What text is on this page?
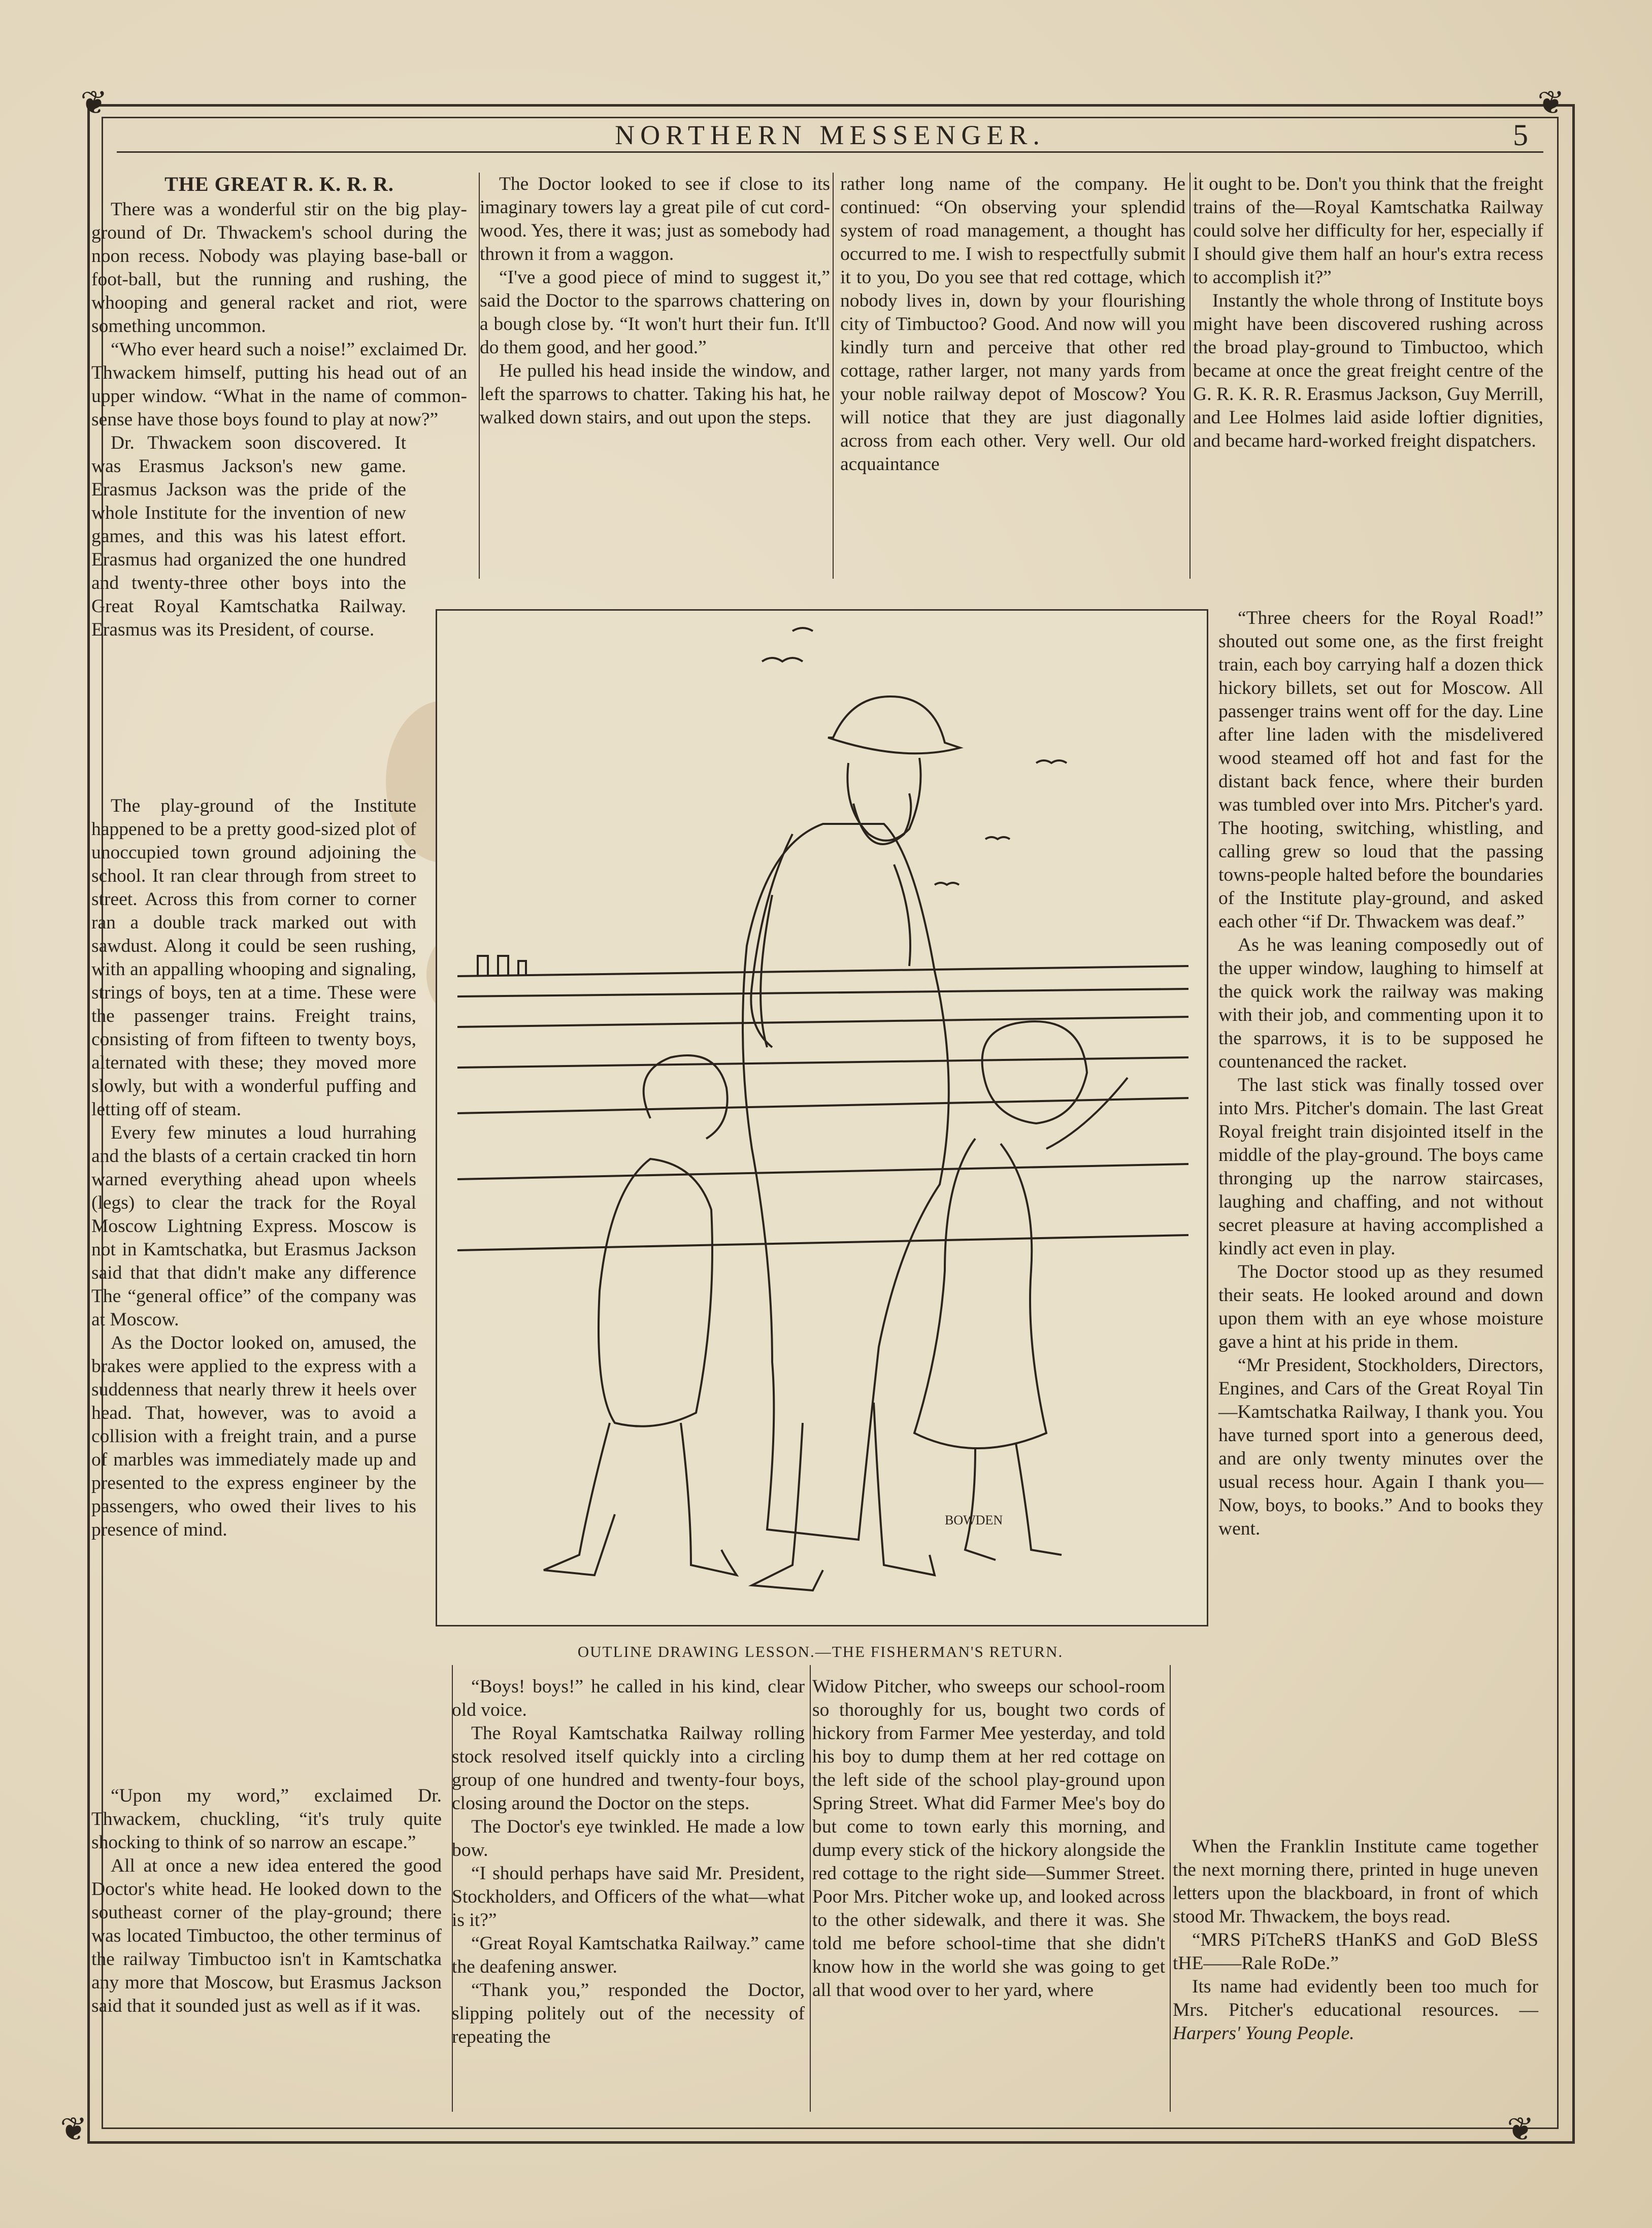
❦	❦
❦	❦
NORTHERN MESSENGER.	5
THE GREAT R. K. R. R.

There was a wonderful stir on the big play-ground of Dr. Thwackem's school during the noon recess. Nobody was playing base-ball or foot-ball, but the running and rushing, the whooping and general racket and riot, were something uncommon.

“Who ever heard such a noise!” exclaimed Dr. Thwackem himself, putting his head out of an upper window. “What in the name of common-sense have those boys found to play at now?”

Dr. Thwackem soon discovered. It was Erasmus Jackson's new game. Erasmus Jackson was the pride of the whole Institute for the invention of new games, and this was his latest effort. Erasmus had organized the one hundred and twenty-three other boys into the Great Royal Kamtschatka Railway. Erasmus was its President, of course.

The play-ground of the Institute happened to be a pretty good-sized plot of unoccupied town ground adjoining the school. It ran clear through from street to street. Across this from corner to corner ran a double track marked out with sawdust. Along it could be seen rushing, with an appalling whooping and signaling, strings of boys, ten at a time. These were the passenger trains. Freight trains, consisting of from fifteen to twenty boys, alternated with these; they moved more slowly, but with a wonderful puffing and letting off of steam.

Every few minutes a loud hurrahing and the blasts of a certain cracked tin horn warned everything ahead upon wheels (legs) to clear the track for the Royal Moscow Lightning Express. Moscow is not in Kamtschatka, but Erasmus Jackson said that that didn't make any difference The “general office” of the company was at Moscow.

As the Doctor looked on, amused, the brakes were applied to the express with a suddenness that nearly threw it heels over head. That, however, was to avoid a collision with a freight train, and a purse of marbles was immediately made up and presented to the express engineer by the passengers, who owed their lives to his presence of mind.

“Upon my word,” exclaimed Dr. Thwackem, chuckling, “it's truly quite shocking to think of so narrow an escape.”

All at once a new idea entered the good Doctor's white head. He looked down to the southeast corner of the play-ground; there was located Timbuctoo, the other terminus of the railway Timbuctoo isn't in Kamtschatka any more that Moscow, but Erasmus Jackson said that it sounded just as well as if it was.

The Doctor looked to see if close to its imaginary towers lay a great pile of cut cord-wood. Yes, there it was; just as somebody had thrown it from a waggon.

“I've a good piece of mind to suggest it,” said the Doctor to the sparrows chattering on a bough close by. “It won't hurt their fun. It'll do them good, and her good.”

He pulled his head inside the window, and left the sparrows to chatter. Taking his hat, he walked down stairs, and out upon the steps.

rather long name of the company. He continued: “On observing your splendid system of road management, a thought has occurred to me. I wish to respectfully submit it to you, Do you see that red cottage, which nobody lives in, down by your flourishing city of Timbuctoo? Good. And now will you kindly turn and perceive that other red cottage, rather larger, not many yards from your noble railway depot of Moscow? You will notice that they are just diagonally across from each other. Very well. Our old acquaintance

it ought to be. Don't you think that the freight trains of the—Royal Kamtschatka Railway could solve her difficulty for her, especially if I should give them half an hour's extra recess to accomplish it?”

Instantly the whole throng of Institute boys might have been discovered rushing across the broad play-ground to Timbuctoo, which became at once the great freight centre of the G. R. K. R. R. Erasmus Jackson, Guy Merrill, and Lee Holmes laid aside loftier dignities, and became hard-worked freight dispatchers.

“Three cheers for the Royal Road!” shouted out some one, as the first freight train, each boy carrying half a dozen thick hickory billets, set out for Moscow. All passenger trains went off for the day. Line after line laden with the misdelivered wood steamed off hot and fast for the distant back fence, where their burden was tumbled over into Mrs. Pitcher's yard. The hooting, switching, whistling, and calling grew so loud that the passing towns-people halted before the boundaries of the Institute play-ground, and asked each other “if Dr. Thwackem was deaf.”

As he was leaning composedly out of the upper window, laughing to himself at the quick work the railway was making with their job, and commenting upon it to the sparrows, it is to be supposed he countenanced the racket.

The last stick was finally tossed over into Mrs. Pitcher's domain. The last Great Royal freight train disjointed itself in the middle of the play-ground. The boys came thronging up the narrow staircases, laughing and chaffing, and not without secret pleasure at having accomplished a kindly act even in play.

The Doctor stood up as they resumed their seats. He looked around and down upon them with an eye whose moisture gave a hint at his pride in them.

“Mr President, Stockholders, Directors, Engines, and Cars of the Great Royal Tin—Kamtschatka Railway, I thank you. You have turned sport into a generous deed, and are only twenty minutes over the usual recess hour. Again I thank you—Now, boys, to books.” And to books they went.

When the Franklin Institute came together the next morning there, printed in huge uneven letters upon the blackboard, in front of which stood Mr. Thwackem, the boys read.

“MRS PiTcheRS tHanKS and GoD BleSS tHE——Rale RoDe.”

Its name had evidently been too much for Mrs. Pitcher's educational resources. — Harpers' Young People.

“Boys! boys!” he called in his kind, clear old voice.

The Royal Kamtschatka Railway rolling stock resolved itself quickly into a circling group of one hundred and twenty-four boys, closing around the Doctor on the steps.

The Doctor's eye twinkled. He made a low bow.

“I should perhaps have said Mr. President, Stockholders, and Officers of the what—what is it?”

“Great Royal Kamtschatka Railway.” came the deafening answer.

“Thank you,” responded the Doctor, slipping politely out of the necessity of repeating the

Widow Pitcher, who sweeps our school-room so thoroughly for us, bought two cords of hickory from Farmer Mee yesterday, and told his boy to dump them at her red cottage on the left side of the school play-ground upon Spring Street. What did Farmer Mee's boy do but come to town early this morning, and dump every stick of the hickory alongside the red cottage to the right side—Summer Street. Poor Mrs. Pitcher woke up, and looked across to the other sidewalk, and there it was. She told me before school-time that she didn't know how in the world she was going to get all that wood over to her yard, where

BOWDEN
OUTLINE DRAWING LESSON.—THE FISHERMAN'S RETURN.
